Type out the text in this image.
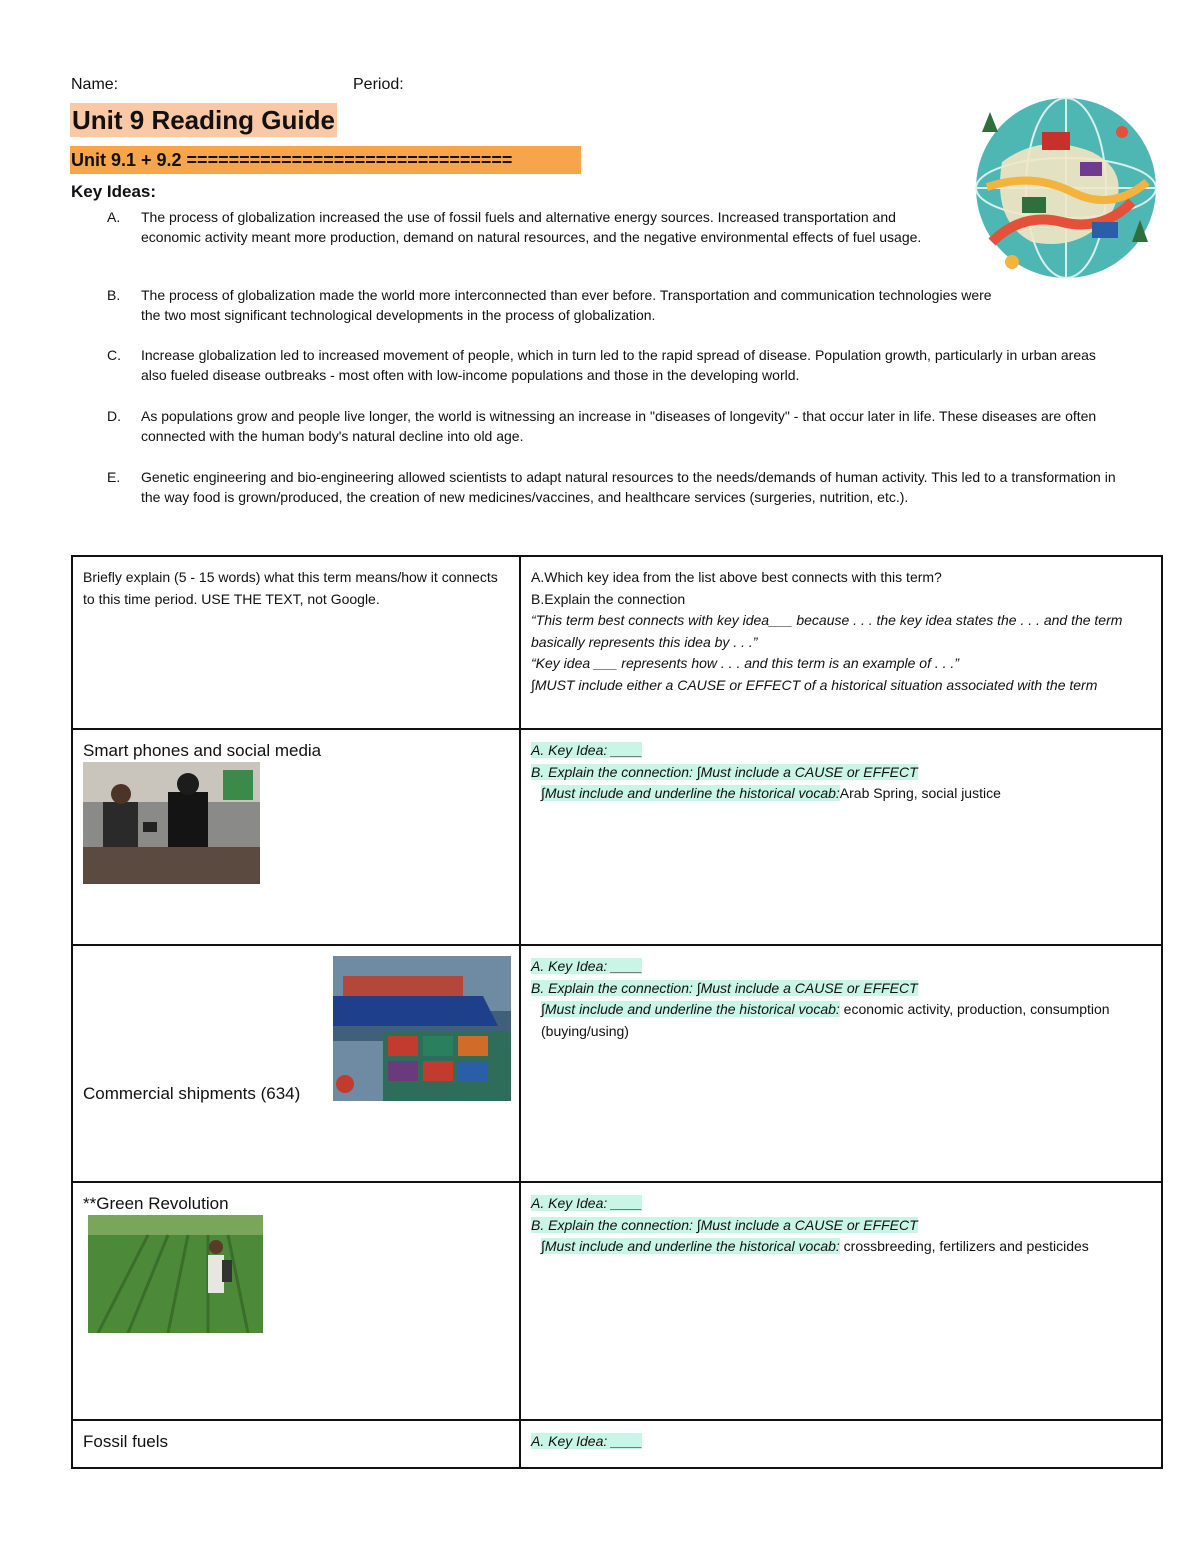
Name:	Period:
Unit 9 Reading Guide
Unit 9.1 + 9.2 ===============================
Key Ideas:
A. The process of globalization increased the use of fossil fuels and alternative energy sources. Increased transportation and economic activity meant more production, demand on natural resources, and the negative environmental effects of fuel usage.
B. The process of globalization made the world more interconnected than ever before. Transportation and communication technologies were the two most significant technological developments in the process of globalization.
C. Increase globalization led to increased movement of people, which in turn led to the rapid spread of disease. Population growth, particularly in urban areas also fueled disease outbreaks - most often with low-income populations and those in the developing world.
D. As populations grow and people live longer, the world is witnessing an increase in "diseases of longevity" - that occur later in life. These diseases are often connected with the human body's natural decline into old age.
E. Genetic engineering and bio-engineering allowed scientists to adapt natural resources to the needs/demands of human activity. This led to a transformation in the way food is grown/produced, the creation of new medicines/vaccines, and healthcare services (surgeries, nutrition, etc.).
Briefly explain (5 - 15 words) what this term means/how it connects to this time period. USE THE TEXT, not Google.	A.Which key idea from the list above best connects with this term?
B.Explain the connection
“This term best connects with key idea___ because . . . the key idea states the . . . and the term basically represents this idea by . . .”
“Key idea ___ represents how . . . and this term is an example of . . .”
∫MUST include either a CAUSE or EFFECT of a historical situation associated with the term

Smart phones and social media	A. Key Idea: ____
B. Explain the connection: ∫Must include a CAUSE or EFFECT
∫Must include and underline the historical vocab:Arab Spring, social justice

Commercial shipments (634)	A. Key Idea: ____
B. Explain the connection: ∫Must include a CAUSE or EFFECT
∫Must include and underline the historical vocab: economic activity, production, consumption (buying/using)

**Green Revolution	A. Key Idea: ____
B. Explain the connection: ∫Must include a CAUSE or EFFECT
∫Must include and underline the historical vocab: crossbreeding, fertilizers and pesticides

Fossil fuels	A. Key Idea: ____
